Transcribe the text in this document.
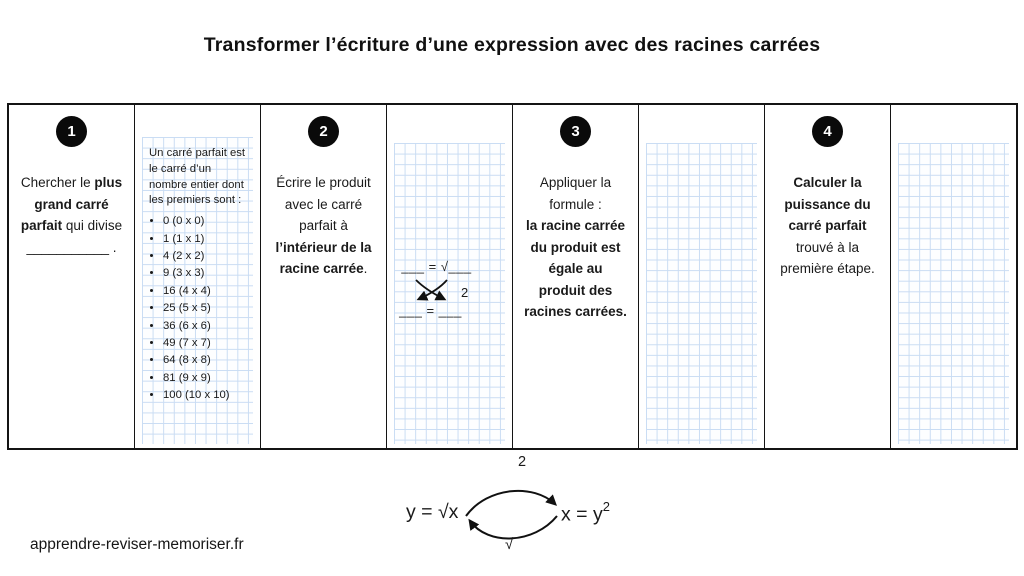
Transformer l’écriture d’une expression avec des racines carrées
1
Chercher le plus grand carré parfait qui divise ___________ .
Un carré parfait est le carré d’un nombre entier dont les premiers sont :
• 0 (0 x 0)
• 1 (1 x 1)
• 4 (2 x 2)
• 9 (3 x 3)
• 16 (4 x 4)
• 25 (5 x 5)
• 36 (6 x 6)
• 49 (7 x 7)
• 64 (8 x 8)
• 81 (9 x 9)
• 100 (10 x 10)
2
Écrire le produit avec le carré parfait à l’intérieur de la racine carrée.	___ = √___
2
___ = ___
3
Appliquer la formule :
la racine carrée du produit est égale au produit des racines carrées.
4
Calculer la puissance du carré parfait trouvé à la première étape.
2
y = √x	$x = y^2$
√
apprendre-reviser-memoriser.fr
